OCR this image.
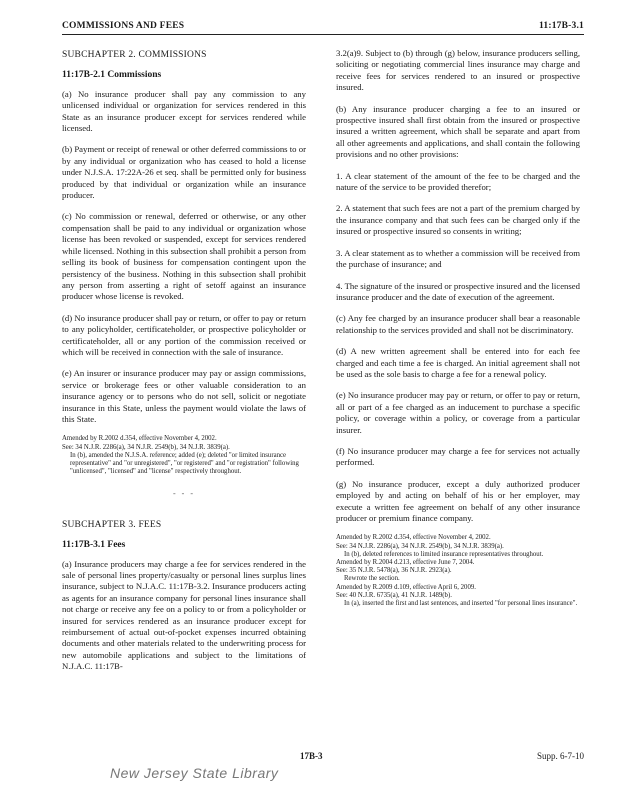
COMMISSIONS AND FEES	11:17B-3.1
SUBCHAPTER 2. COMMISSIONS
11:17B-2.1 Commissions

(a) No insurance producer shall pay any commission to any unlicensed individual or organization for services rendered in this State as an insurance producer except for services rendered while licensed.

(b) Payment or receipt of renewal or other deferred commissions to or by any individual or organization who has ceased to hold a license under N.J.S.A. 17:22A-26 et seq. shall be permitted only for business produced by that individual or organization while an insurance producer.

(c) No commission or renewal, deferred or otherwise, or any other compensation shall be paid to any individual or organization whose license has been revoked or suspended, except for services rendered while licensed. Nothing in this subsection shall prohibit a person from selling its book of business for compensation contingent upon the persistency of the business. Nothing in this subsection shall prohibit any person from asserting a right of setoff against an insurance producer whose license is revoked.

(d) No insurance producer shall pay or return, or offer to pay or return to any policyholder, certificateholder, or prospective policyholder or certificateholder, all or any portion of the commission received or which will be received in connection with the sale of insurance.

(e) An insurer or insurance producer may pay or assign commissions, service or brokerage fees or other valuable consideration to an insurance agency or to persons who do not sell, solicit or negotiate insurance in this State, unless the payment would violate the laws of this State.

Amended by R.2002 d.354, effective November 4, 2002.
See: 34 N.J.R. 2286(a), 34 N.J.R. 2549(b), 34 N.J.R. 3839(a).
In (b), amended the N.J.S.A. reference; added (e); deleted "or limited insurance representative" and "or unregistered", "or registered" and "or registration" following "unlicensed", "licensed" and "license" respectively throughout.
- - -
SUBCHAPTER 3. FEES
11:17B-3.1 Fees

(a) Insurance producers may charge a fee for services rendered in the sale of personal lines property/casualty or personal lines surplus lines insurance, subject to N.J.A.C. 11:17B-3.2. Insurance producers acting as agents for an insurance company for personal lines insurance shall not charge or receive any fee on a policy to or from a policyholder or insured for services rendered as an insurance producer except for reimbursement of actual out-of-pocket expenses incurred obtaining documents and other materials related to the underwriting process for new automobile applications and subject to the limitations of N.J.A.C. 11:17B-

3.2(a)9. Subject to (b) through (g) below, insurance producers selling, soliciting or negotiating commercial lines insurance may charge and receive fees for services rendered to an insured or prospective insured.

(b) Any insurance producer charging a fee to an insured or prospective insured shall first obtain from the insured or prospective insured a written agreement, which shall be separate and apart from all other agreements and applications, and shall contain the following provisions and no other provisions:

1. A clear statement of the amount of the fee to be charged and the nature of the service to be provided therefor;

2. A statement that such fees are not a part of the premium charged by the insurance company and that such fees can be charged only if the insured or prospective insured so consents in writing;

3. A clear statement as to whether a commission will be received from the purchase of insurance; and

4. The signature of the insured or prospective insured and the licensed insurance producer and the date of execution of the agreement.

(c) Any fee charged by an insurance producer shall bear a reasonable relationship to the services provided and shall not be discriminatory.

(d) A new written agreement shall be entered into for each fee charged and each time a fee is charged. An initial agreement shall not be used as the sole basis to charge a fee for a renewal policy.

(e) No insurance producer may pay or return, or offer to pay or return, all or part of a fee charged as an inducement to purchase a specific policy, or coverage within a policy, or coverage from a particular insurer.

(f) No insurance producer may charge a fee for services not actually performed.

(g) No insurance producer, except a duly authorized producer employed by and acting on behalf of his or her employer, may execute a written fee agreement on behalf of any other insurance producer or premium finance company.

Amended by R.2002 d.354, effective November 4, 2002.
See: 34 N.J.R. 2286(a), 34 N.J.R. 2549(b), 34 N.J.R. 3839(a).
In (b), deleted references to limited insurance representatives throughout.
Amended by R.2004 d.213, effective June 7, 2004.
See: 35 N.J.R. 5478(a), 36 N.J.R. 2923(a).
Rewrote the section.
Amended by R.2009 d.109, effective April 6, 2009.
See: 40 N.J.R. 6735(a), 41 N.J.R. 1489(b).
In (a), inserted the first and last sentences, and inserted "for personal lines insurance".
17B-3	Supp. 6-7-10
New Jersey State Library
